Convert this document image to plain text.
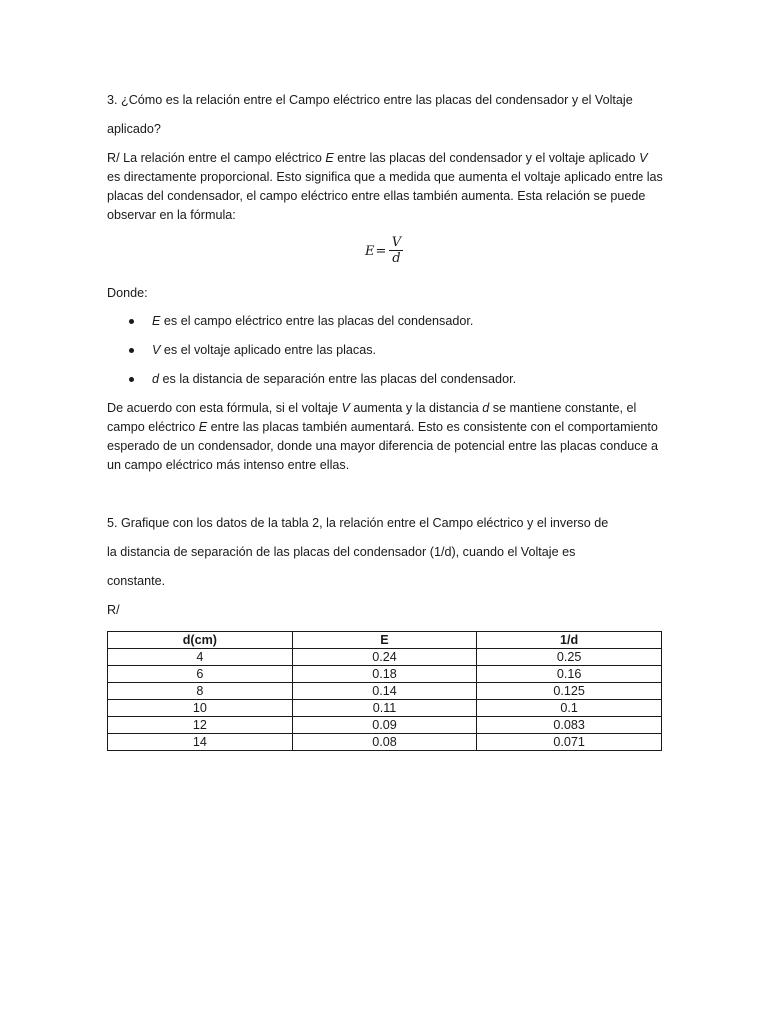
3. ¿Cómo es la relación entre el Campo eléctrico entre las placas del condensador y el Voltaje
aplicado?

R/ La relación entre el campo eléctrico E entre las placas del condensador y el voltaje aplicado V es directamente proporcional. Esto significa que a medida que aumenta el voltaje aplicado entre las placas del condensador, el campo eléctrico entre ellas también aumenta. Esta relación se puede observar en la fórmula:

$E = \frac{V}{d}$
Donde:
E es el campo eléctrico entre las placas del condensador.
V es el voltaje aplicado entre las placas.
d es la distancia de separación entre las placas del condensador.

De acuerdo con esta fórmula, si el voltaje V aumenta y la distancia d se mantiene constante, el campo eléctrico E entre las placas también aumentará. Esto es consistente con el comportamiento esperado de un condensador, donde una mayor diferencia de potencial entre las placas conduce a un campo eléctrico más intenso entre ellas.

5. Grafique con los datos de la tabla 2, la relación entre el Campo eléctrico y el inverso de
la distancia de separación de las placas del condensador (1/d), cuando el Voltaje es
constante.
R/
d(cm)	E	1/d
4	0.24	0.25
6	0.18	0.16
8	0.14	0.125
10	0.11	0.1
12	0.09	0.083
14	0.08	0.071
